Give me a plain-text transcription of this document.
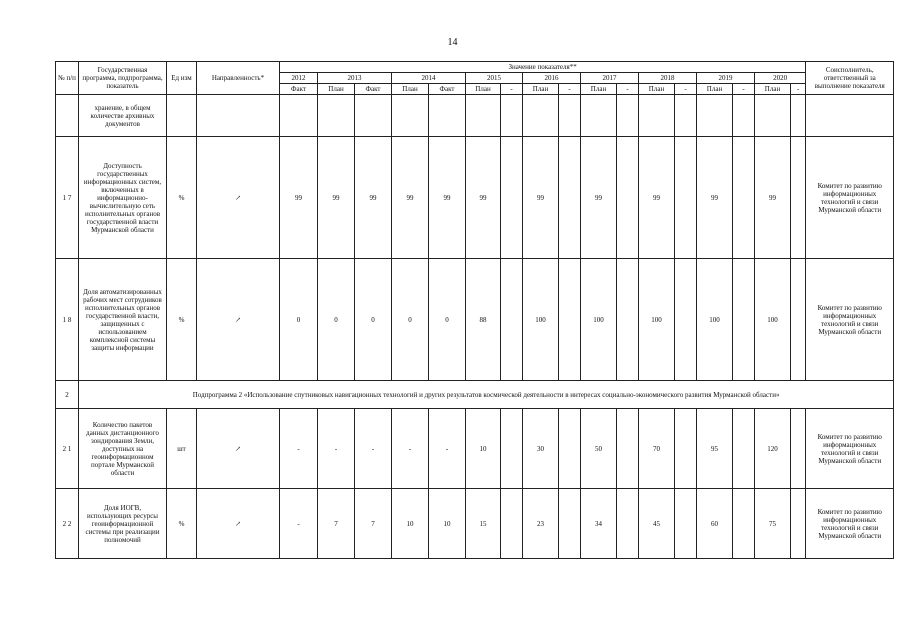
14
№ п/п	Государственная программа, подпрограмма, показатель	Ед изм	Направленность*	Значение показателя**																	Соисполнитель, ответственный за выполнение показателя
				2012	2013		2014		2015		2016		2017		2018		2019		2020		
				Факт	План	Факт	План	Факт	План	-	План	-	План	-	План	-	План	-	План	-	
	хранение, в общем количестве архивных документов																				
1 7	Доступность государственных информационных систем, включенных в информационно-вычислительную сеть исполнительных органов государственной власти Мурманской области	%	↗	99	99	99	99	99	99		99		99		99		99		99		Комитет по развитию информационных технологий и связи Мурманской области
1 8	Доля автоматизированных рабочих мест сотрудников исполнительных органов государственной власти, защищенных с использованием комплексной системы защиты информации	%	↗	0	0	0	0	0	88		100		100		100		100		100		Комитет по развитию информационных технологий и связи Мурманской области
2	Подпрограмма 2 «Использование спутниковых навигационных технологий и других результатов космической деятельности в интересах социально-экономического развития Мурманской области»																				
2 1	Количество пакетов данных дистанционного зондирования Земли, доступных на геоинформационном портале Мурманской области	шт	↗	-	-	-	-	-	10		30		50		70		95		120		Комитет по развитию информационных технологий и связи Мурманской области
2 2	Доля ИОГВ, использующих ресурсы геоинформационной системы при реализации полномочий	%	↗	-	7	7	10	10	15		23		34		45		60		75		Комитет по развитию информационных технологий и связи Мурманской области
